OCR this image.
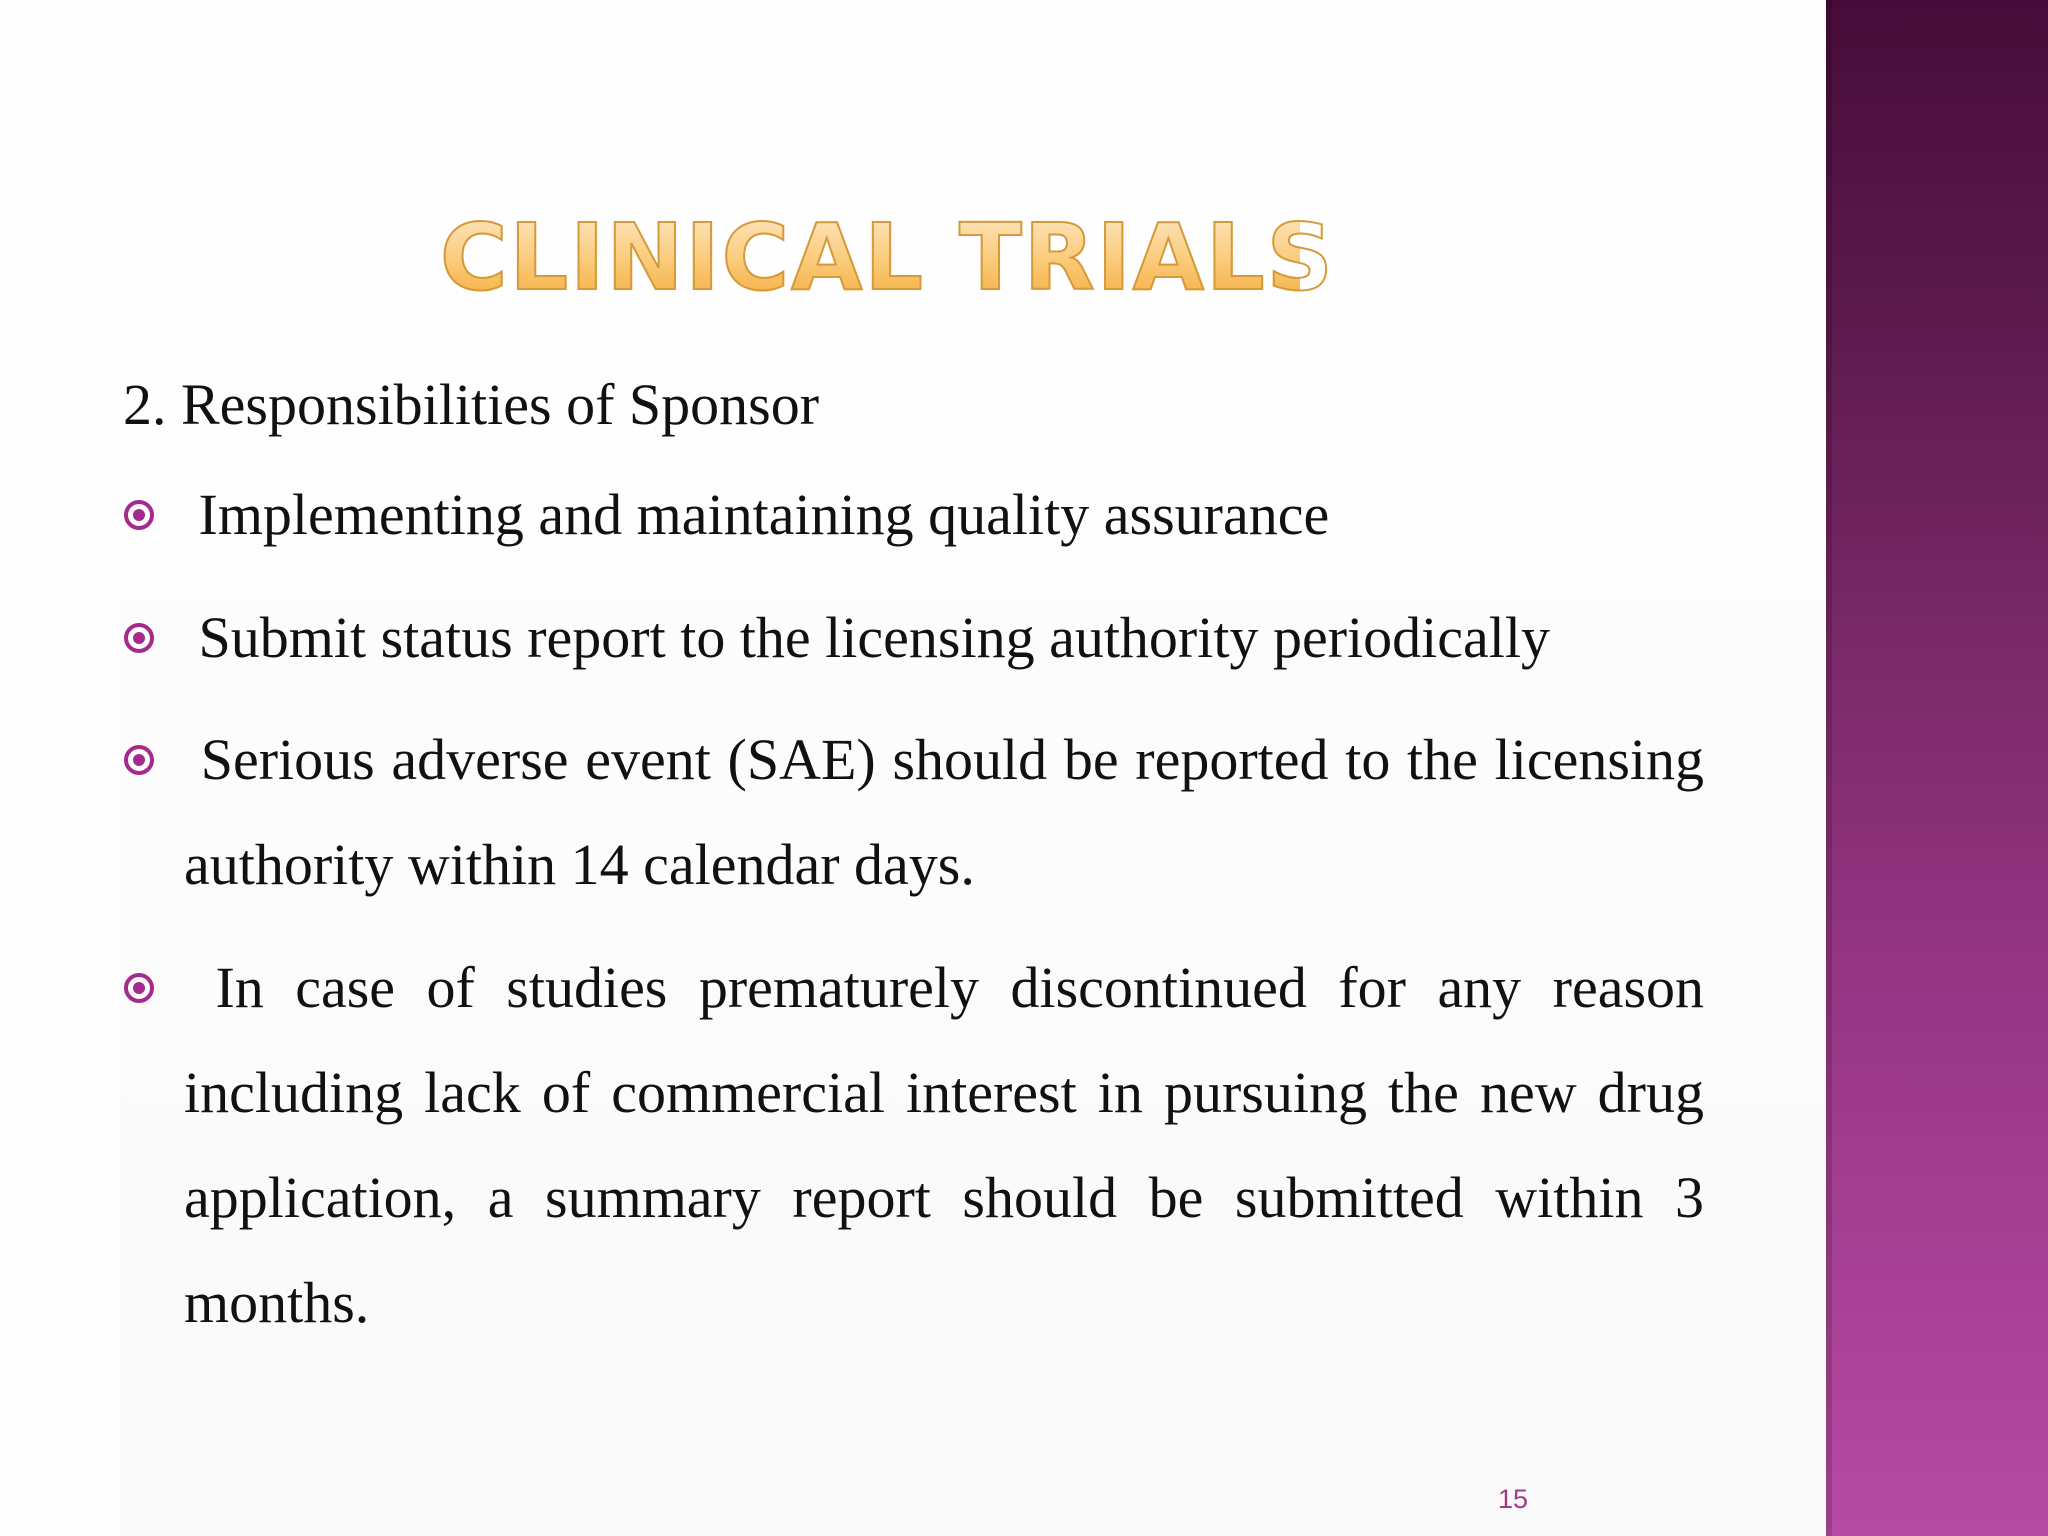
CLINICAL TRIALS
2. Responsibilities of Sponsor
Implementing and maintaining quality assurance
Submit status report to the licensing authority periodically
Serious adverse event (SAE) should be reported to the licensing authority within 14 calendar days.
In case of studies prematurely discontinued for any reason including lack of commercial interest in pursuing the new drug application, a summary report should be submitted within 3 months.
15
